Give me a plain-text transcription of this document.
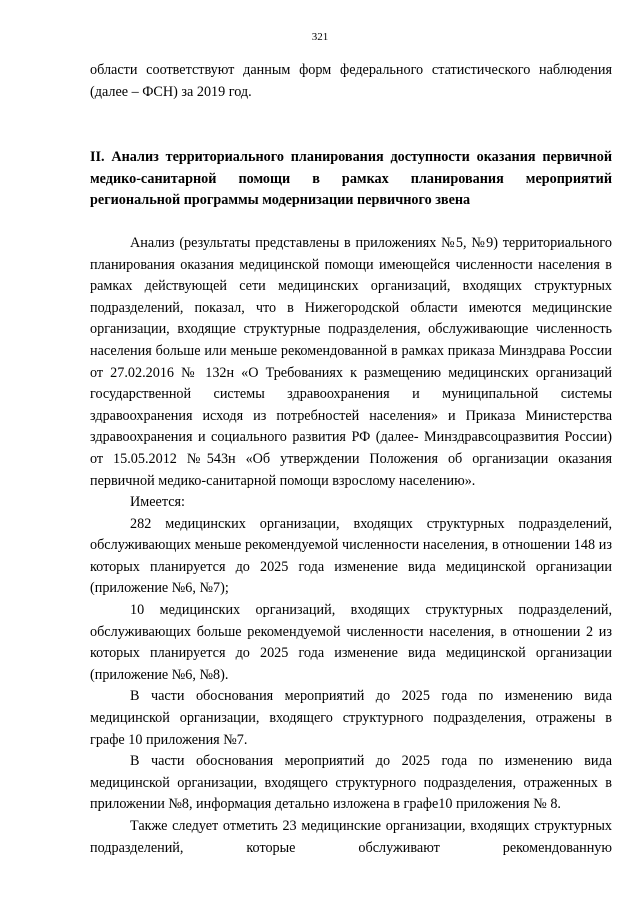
321

области соответствуют данным форм федерального статистического наблюдения (далее – ФСН) за 2019 год.

II. Анализ территориального планирования доступности оказания первичной медико-санитарной помощи в рамках планирования мероприятий региональной программы модернизации первичного звена

Анализ (результаты представлены в приложениях №5, №9) территориального планирования оказания медицинской помощи имеющейся численности населения в рамках действующей сети медицинских организаций, входящих структурных подразделений, показал, что в Нижегородской области имеются медицинские организации, входящие структурные подразделения, обслуживающие численность населения больше или меньше рекомендованной в рамках приказа Минздрава России от 27.02.2016 № 132н «О Требованиях к размещению медицинских организаций государственной системы здравоохранения и муниципальной системы здравоохранения исходя из потребностей населения» и Приказа Министерства здравоохранения и социального развития РФ (далее- Минздравсоцразвития России) от 15.05.2012 №543н «Об утверждении Положения об организации оказания первичной медико-санитарной помощи взрослому населению».

Имеется:

282 медицинских организации, входящих структурных подразделений, обслуживающих меньше рекомендуемой численности населения, в отношении 148 из которых планируется до 2025 года изменение вида медицинской организации (приложение №6, №7);

10 медицинских организаций, входящих структурных подразделений, обслуживающих больше рекомендуемой численности населения, в отношении 2 из которых планируется до 2025 года изменение вида медицинской организации (приложение №6, №8).

В части обоснования мероприятий до 2025 года по изменению вида медицинской организации, входящего структурного подразделения, отражены в графе 10 приложения №7.

В части обоснования мероприятий до 2025 года по изменению вида медицинской организации, входящего структурного подразделения, отраженных в приложении №8, информация детально изложена в графе10 приложения № 8.

Также следует отметить 23 медицинские организации, входящих структурных подразделений, которые обслуживают рекомендованную
